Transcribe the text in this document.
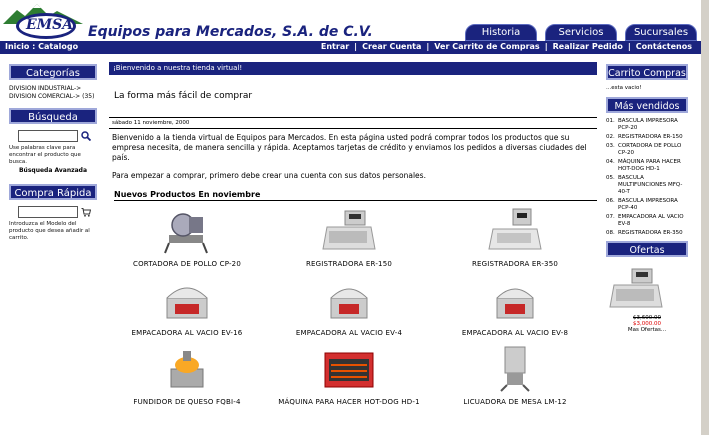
EMSA Equipos para Mercados, S.A. de C.V.	Historia	Servicios	Sucursales
Inicio : Catalogo	Entrar | Crear Cuenta | Ver Carrito de Compras | Realizar Pedido | Contáctenos
Categorías
DIVISION INDUSTRIAL->
DIVISION COMERCIAL-> (35)
Búsqueda
Use palabras clave para encontrar el producto que busca.
Búsqueda Avanzada
Compra Rápida
Introduzca el Modelo del producto que desea añadir al carrito.
¡Bienvenido a nuestra tienda virtual!
La forma más fácil de comprar
sábado 11 noviembre, 2000
Bienvenido a la tienda virtual de Equipos para Mercados. En esta página usted podrá comprar todos los productos que su empresa necesita, de manera sencilla y rápida. Aceptamos tarjetas de crédito y enviamos los pedidos a diversas ciudades del país.
Para empezar a comprar, primero debe crear una cuenta con sus datos personales.
Nuevos Productos En noviembre
CORTADORA DE POLLO CP-20	REGISTRADORA ER-150	REGISTRADORA ER-350
EMPACADORA AL VACIO EV-16	EMPACADORA AL VACIO EV-4	EMPACADORA AL VACIO EV-8
FUNDIDOR DE QUESO FQBI-4	MÁQUINA PARA HACER HOT-DOG HD-1	LICUADORA DE MESA LM-12
Carrito Compras
...esta vacio!
Más vendidos
01. BASCULA IMPRESORA PCP-20
02. REGISTRADORA ER-150
03. CORTADORA DE POLLO CP-20
04. MÁQUINA PARA HACER HOT-DOG HD-1
05. BASCULA MULTIFUNCIONES MFQ-40-T
06. BASCULA IMPRESORA PCP-40
07. EMPACADORA AL VACIO EV-8
08. REGISTRADORA ER-350
Ofertas
$3,600.00
$3,000.00
Mas Ofertas...
